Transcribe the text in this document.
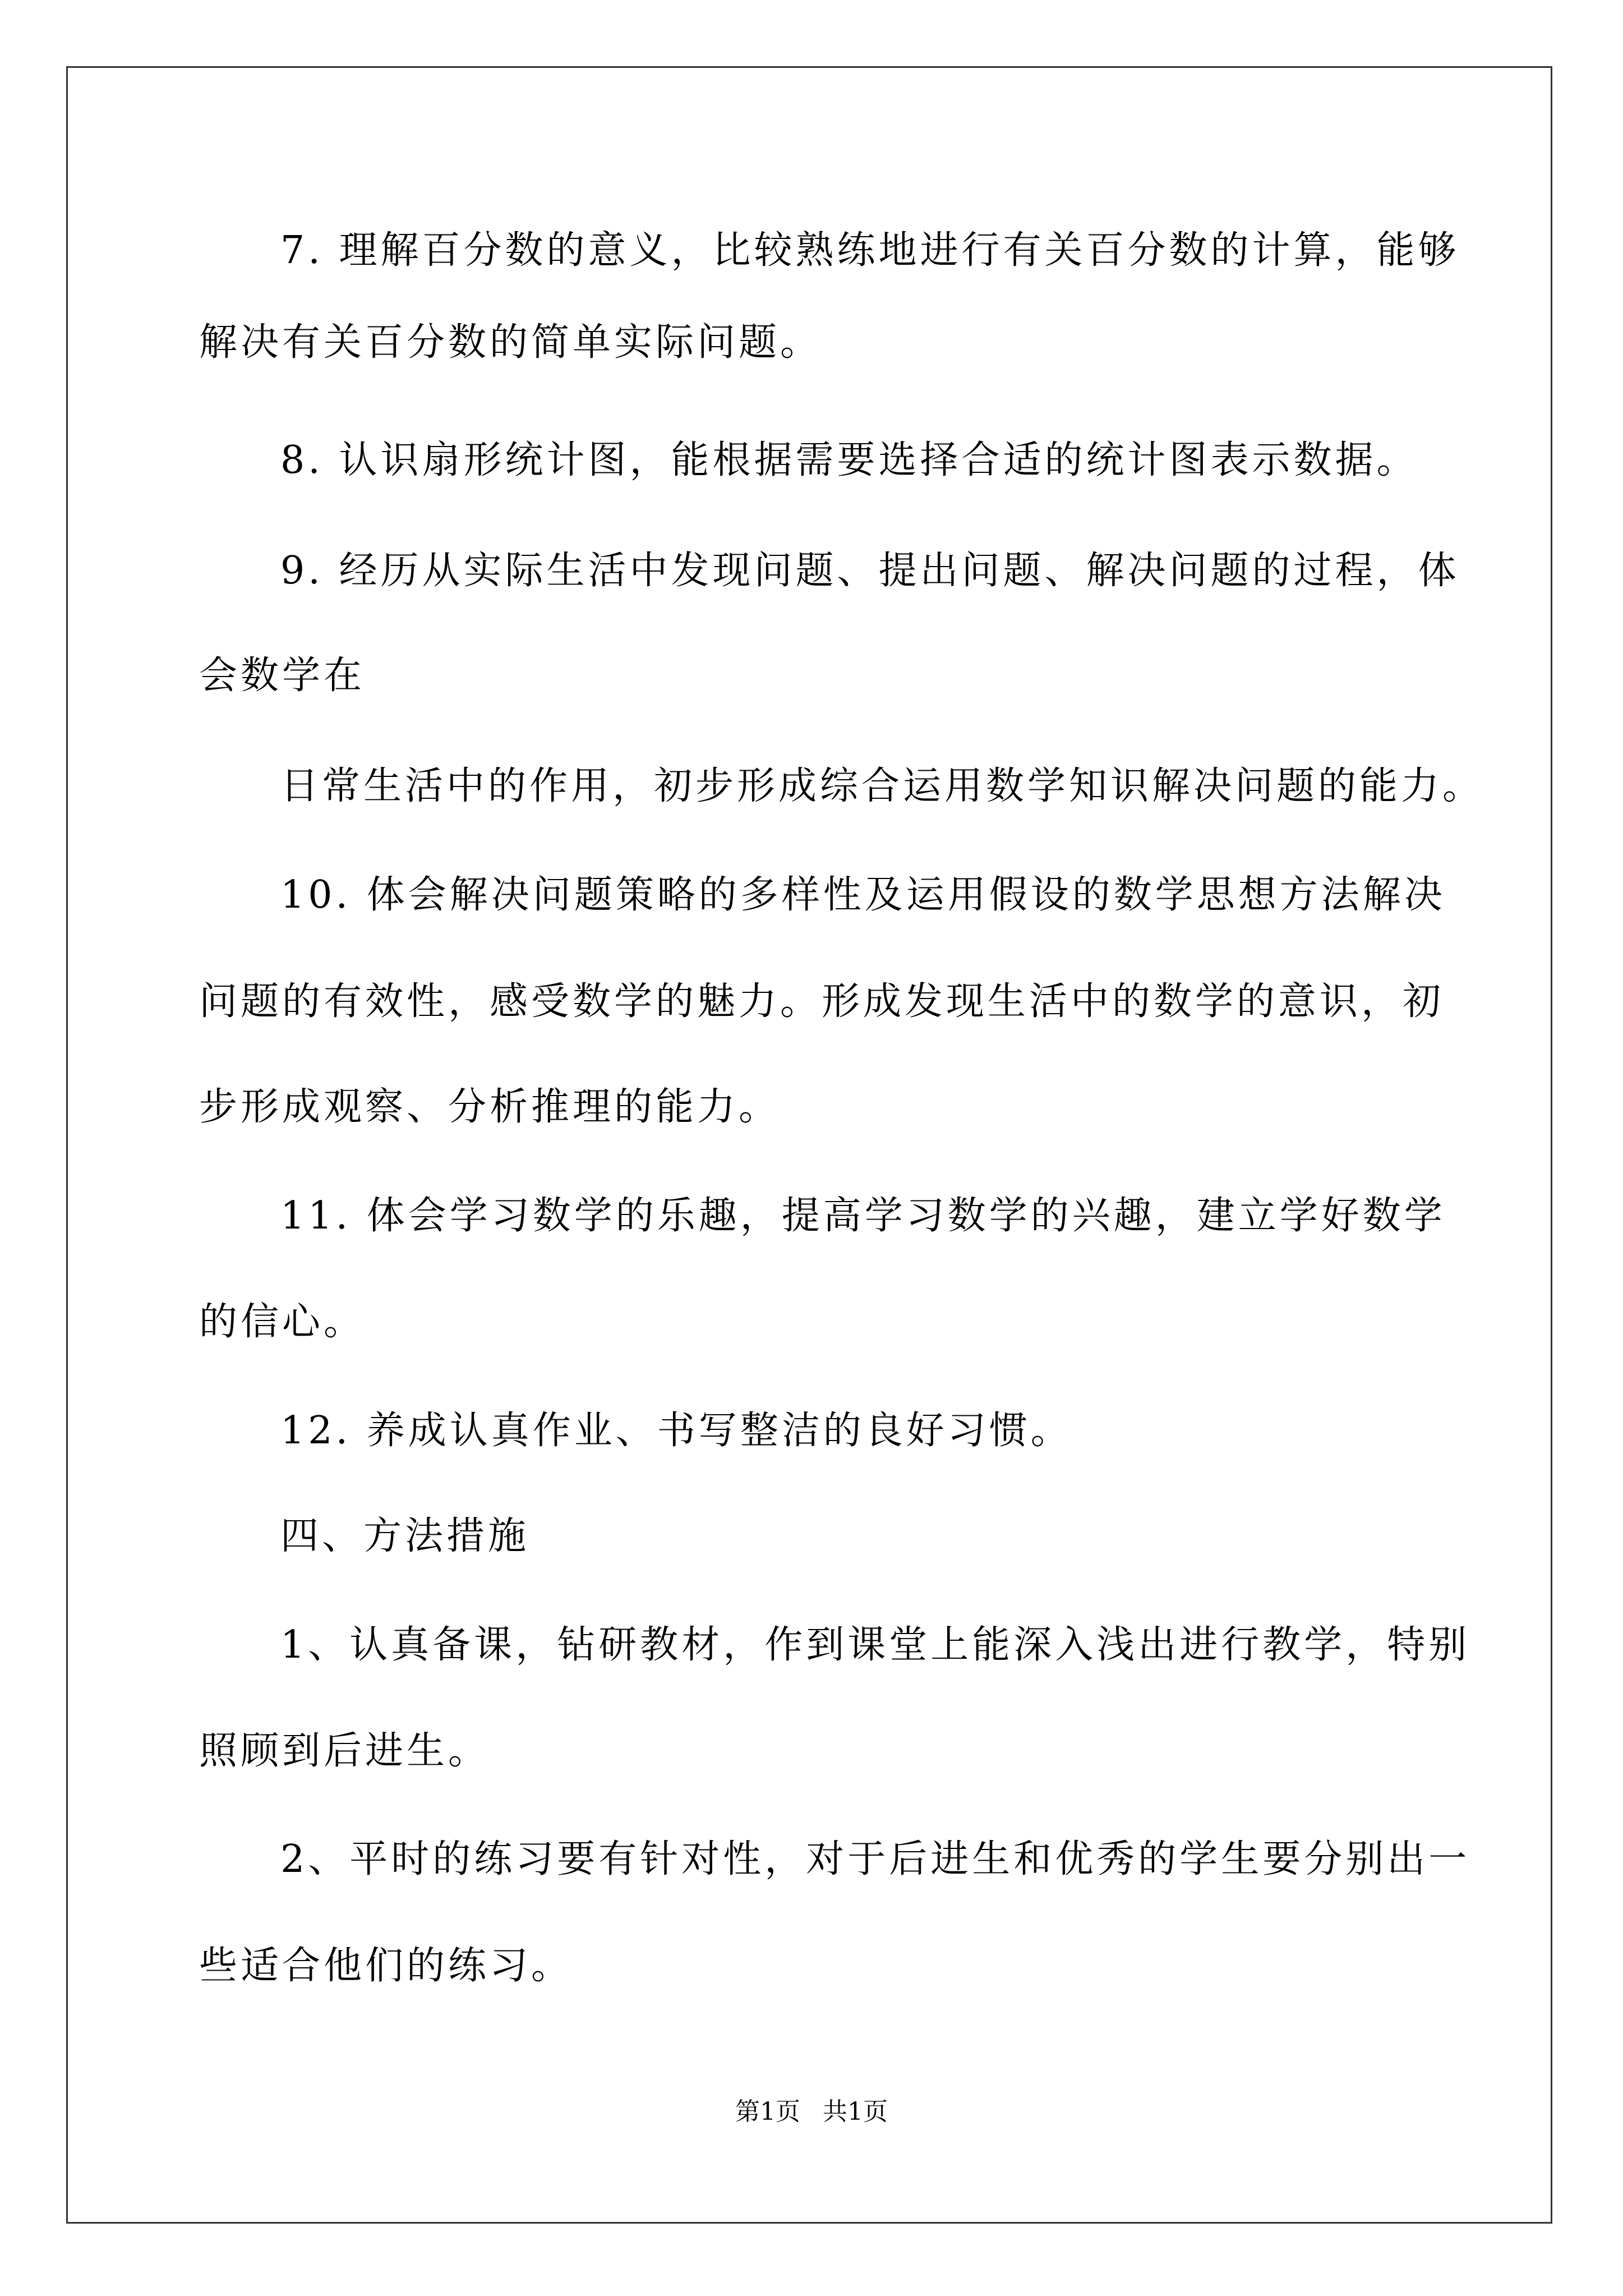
7. 理解百分数的意义，比较熟练地进行有关百分数的计算，能够
解决有关百分数的简单实际问题。
8. 认识扇形统计图，能根据需要选择合适的统计图表示数据。
9. 经历从实际生活中发现问题、提出问题、解决问题的过程，体
会数学在
日常生活中的作用，初步形成综合运用数学知识解决问题的能力。
10. 体会解决问题策略的多样性及运用假设的数学思想方法解决
问题的有效性，感受数学的魅力。形成发现生活中的数学的意识，初
步形成观察、分析推理的能力。
11. 体会学习数学的乐趣，提高学习数学的兴趣，建立学好数学
的信心。
12. 养成认真作业、书写整洁的良好习惯。
四、方法措施
1、认真备课，钻研教材，作到课堂上能深入浅出进行教学，特别
照顾到后进生。
2、平时的练习要有针对性，对于后进生和优秀的学生要分别出一
些适合他们的练习。
第1页 共1页
